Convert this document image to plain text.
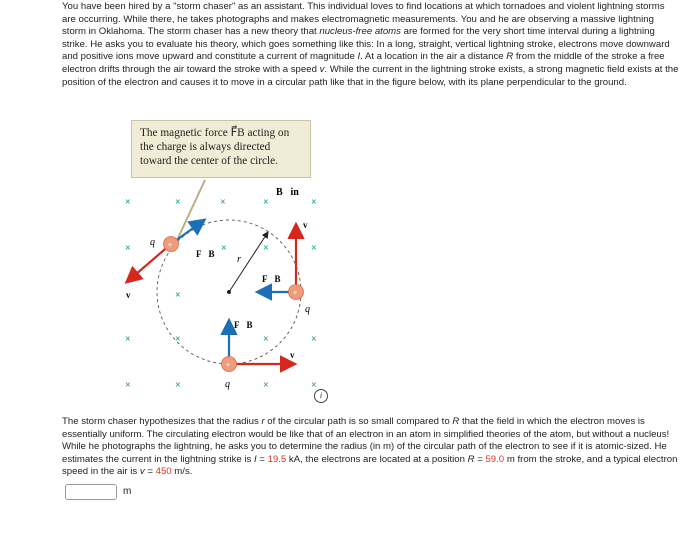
You have been hired by a "storm chaser" as an assistant. This individual loves to find locations at which tornadoes and violent lightning storms are occurring. While there, he takes photographs and makes electromagnetic measurements. You and he are observing a massive lightning storm in Oklahoma. The storm chaser has a new theory that nucleus-free atoms are formed for the very short time interval during a lightning strike. He asks you to evaluate his theory, which goes something like this: In a long, straight, vertical lightning stroke, electrons move downward and positive ions move upward and constitute a current of magnitude I. At a location in the air a distance R from the middle of the stroke a free electron drifts through the air toward the stroke with a speed v. While the current in the lightning stroke exists, a strong magnetic field exists at the position of the electron and causes it to move in a circular path like that in the figure below, with its plane perpendicular to the ground.

The magnetic force F⃗B acting on the charge is always directed toward the center of the circle.
r
×	×	×	×	×
×	×	×	×
×
×	×	×	×
×	×	×	×
B⃗in
+
q
F⃗B
v⃗	+
q
F⃗B
v⃗
+
q
F⃗B
v⃗
i

The storm chaser hypothesizes that the radius r of the circular path is so small compared to R that the field in which the electron moves is essentially uniform. The circulating electron would be like that of an electron in an atom in simplified theories of the atom, but without a nucleus! While he photographs the lightning, he asks you to determine the radius (in m) of the circular path of the electron to see if it is atomic-sized. He estimates the current in the lightning strike is I = 19.5 kA, the electrons are located at a position R = 59.0 m from the stroke, and a typical electron speed in the air is v = 450 m/s.

m
